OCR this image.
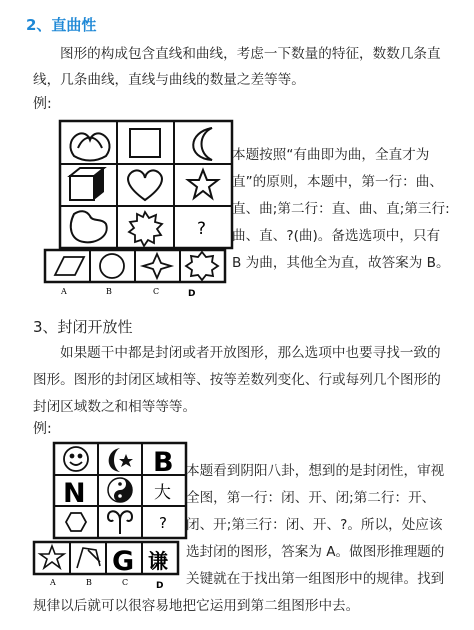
2、直曲性
图形的构成包含直线和曲线，考虑一下数量的特征，数数几条直
线，几条曲线，直线与曲线的数量之差等等。
例:
?
A	B	C	D
本题按照“有曲即为曲，全直才为
直”的原则，本题中，第一行：曲、
直、曲;第二行：直、曲、直;第三行:
曲、直、?(曲)。备选选项中，只有
B 为曲，其他全为直，故答案为 B。
3、封闭开放性
如果题干中都是封闭或者开放图形，那么选项中也要寻找一致的
图形。图形的封闭区域相等、按等差数列变化、行或每列几个图形的
封闭区域数之和相等等等。
例:
B
N	大
?
G 谦
A	B	C	D
本题看到阴阳八卦，想到的是封闭性，审视
全图，第一行：闭、开、闭;第二行：开、
闭、开;第三行：闭、开、?。所以，处应该
选封闭的图形，答案为 A。做图形推理题的
关键就在于找出第一组图形中的规律。找到
规律以后就可以很容易地把它运用到第二组图形中去。
